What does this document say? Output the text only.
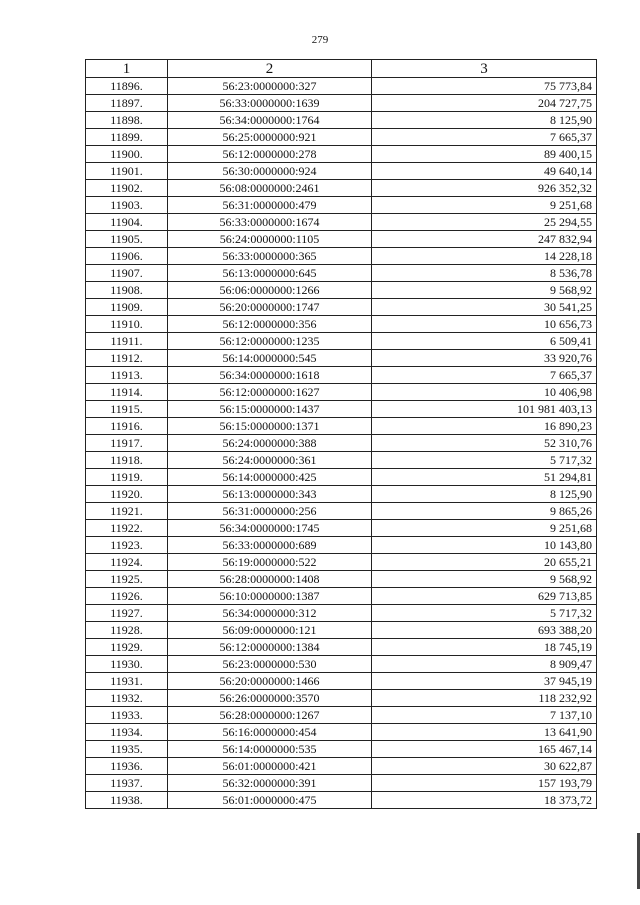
279
1	2	3
11896.	56:23:0000000:327	75 773,84
11897.	56:33:0000000:1639	204 727,75
11898.	56:34:0000000:1764	8 125,90
11899.	56:25:0000000:921	7 665,37
11900.	56:12:0000000:278	89 400,15
11901.	56:30:0000000:924	49 640,14
11902.	56:08:0000000:2461	926 352,32
11903.	56:31:0000000:479	9 251,68
11904.	56:33:0000000:1674	25 294,55
11905.	56:24:0000000:1105	247 832,94
11906.	56:33:0000000:365	14 228,18
11907.	56:13:0000000:645	8 536,78
11908.	56:06:0000000:1266	9 568,92
11909.	56:20:0000000:1747	30 541,25
11910.	56:12:0000000:356	10 656,73
11911.	56:12:0000000:1235	6 509,41
11912.	56:14:0000000:545	33 920,76
11913.	56:34:0000000:1618	7 665,37
11914.	56:12:0000000:1627	10 406,98
11915.	56:15:0000000:1437	101 981 403,13
11916.	56:15:0000000:1371	16 890,23
11917.	56:24:0000000:388	52 310,76
11918.	56:24:0000000:361	5 717,32
11919.	56:14:0000000:425	51 294,81
11920.	56:13:0000000:343	8 125,90
11921.	56:31:0000000:256	9 865,26
11922.	56:34:0000000:1745	9 251,68
11923.	56:33:0000000:689	10 143,80
11924.	56:19:0000000:522	20 655,21
11925.	56:28:0000000:1408	9 568,92
11926.	56:10:0000000:1387	629 713,85
11927.	56:34:0000000:312	5 717,32
11928.	56:09:0000000:121	693 388,20
11929.	56:12:0000000:1384	18 745,19
11930.	56:23:0000000:530	8 909,47
11931.	56:20:0000000:1466	37 945,19
11932.	56:26:0000000:3570	118 232,92
11933.	56:28:0000000:1267	7 137,10
11934.	56:16:0000000:454	13 641,90
11935.	56:14:0000000:535	165 467,14
11936.	56:01:0000000:421	30 622,87
11937.	56:32:0000000:391	157 193,79
11938.	56:01:0000000:475	18 373,72
